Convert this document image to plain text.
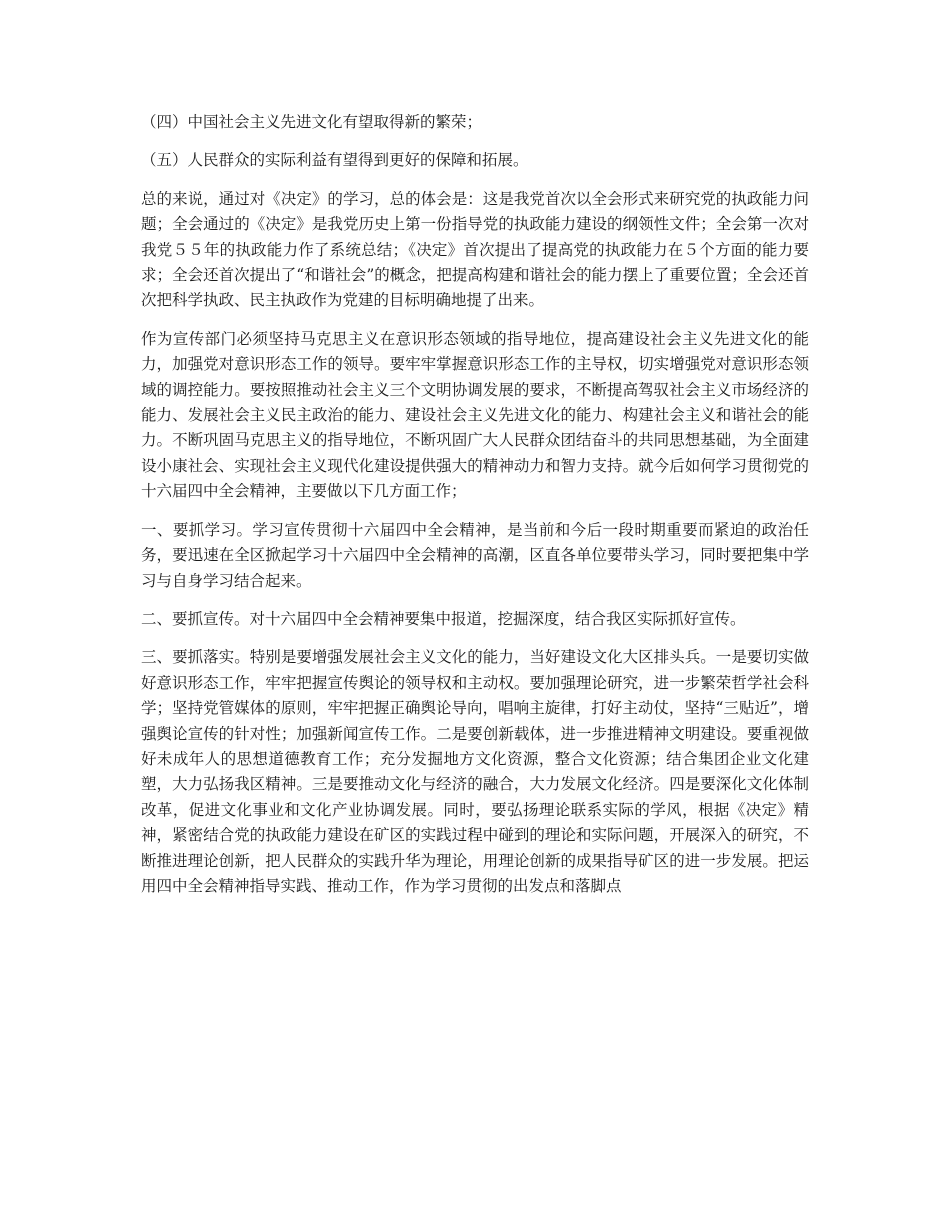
（四）中国社会主义先进文化有望取得新的繁荣；

（五）人民群众的实际利益有望得到更好的保障和拓展。

总的来说，通过对《决定》的学习，总的体会是：这是我党首次以全会形式来研究党的执政能力问题；全会通过的《决定》是我党历史上第一份指导党的执政能力建设的纲领性文件；全会第一次对我党５５年的执政能力作了系统总结；《决定》首次提出了提高党的执政能力在５个方面的能力要求；全会还首次提出了“和谐社会”的概念，把提高构建和谐社会的能力摆上了重要位置；全会还首次把科学执政、民主执政作为党建的目标明确地提了出来。

作为宣传部门必须坚持马克思主义在意识形态领域的指导地位，提高建设社会主义先进文化的能力，加强党对意识形态工作的领导。要牢牢掌握意识形态工作的主导权，切实增强党对意识形态领域的调控能力。要按照推动社会主义三个文明协调发展的要求，不断提高驾驭社会主义市场经济的能力、发展社会主义民主政治的能力、建设社会主义先进文化的能力、构建社会主义和谐社会的能力。不断巩固马克思主义的指导地位，不断巩固广大人民群众团结奋斗的共同思想基础，为全面建设小康社会、实现社会主义现代化建设提供强大的精神动力和智力支持。就今后如何学习贯彻党的十六届四中全会精神，主要做以下几方面工作；

一、要抓学习。学习宣传贯彻十六届四中全会精神，是当前和今后一段时期重要而紧迫的政治任务，要迅速在全区掀起学习十六届四中全会精神的高潮，区直各单位要带头学习，同时要把集中学习与自身学习结合起来。

二、要抓宣传。对十六届四中全会精神要集中报道，挖掘深度，结合我区实际抓好宣传。

三、要抓落实。特别是要增强发展社会主义文化的能力，当好建设文化大区排头兵。一是要切实做好意识形态工作，牢牢把握宣传舆论的领导权和主动权。要加强理论研究，进一步繁荣哲学社会科学；坚持党管媒体的原则，牢牢把握正确舆论导向，唱响主旋律，打好主动仗，坚持“三贴近”，增强舆论宣传的针对性；加强新闻宣传工作。二是要创新载体，进一步推进精神文明建设。要重视做好未成年人的思想道德教育工作；充分发掘地方文化资源，整合文化资源；结合集团企业文化建塑，大力弘扬我区精神。三是要推动文化与经济的融合，大力发展文化经济。四是要深化文化体制改革，促进文化事业和文化产业协调发展。同时，要弘扬理论联系实际的学风，根据《决定》精神，紧密结合党的执政能力建设在矿区的实践过程中碰到的理论和实际问题，开展深入的研究，不断推进理论创新，把人民群众的实践升华为理论，用理论创新的成果指导矿区的进一步发展。把运用四中全会精神指导实践、推动工作，作为学习贯彻的出发点和落脚点
